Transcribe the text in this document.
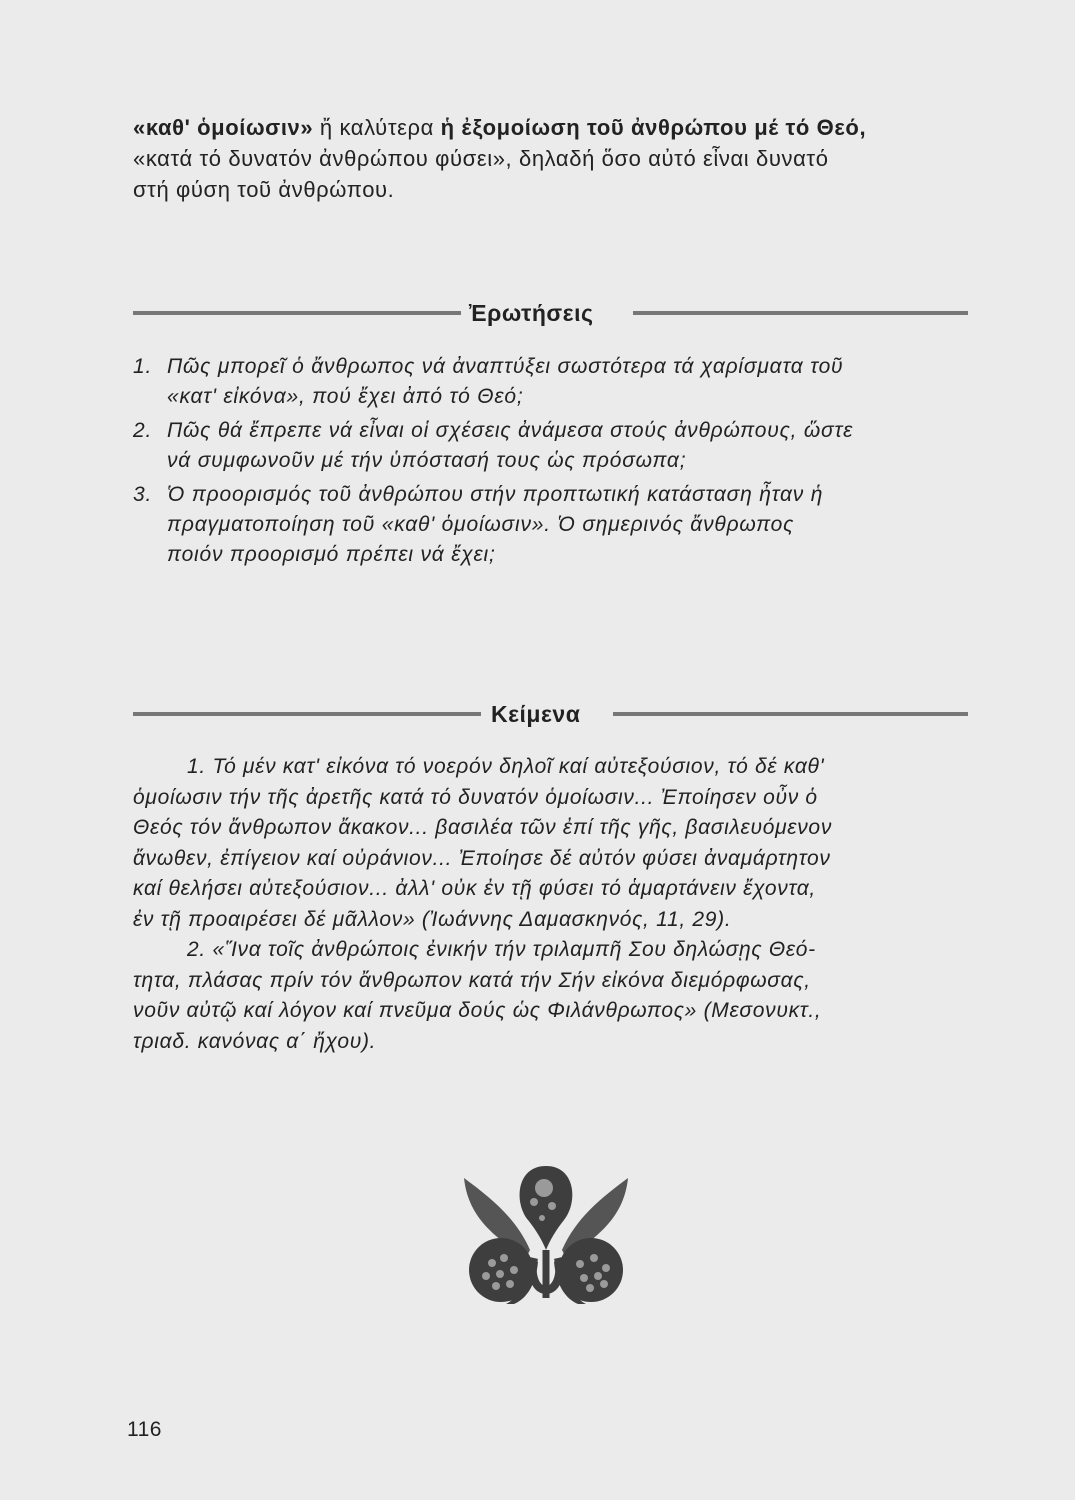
«καθ' ὁμοίωσιν» ἤ καλύτερα ἡ ἐξομοίωση τοῦ ἀνθρώπου μέ τό Θεό,

«κατά τό δυνατόν ἀνθρώπου φύσει», δηλαδή ὅσο αὐτό εἶναι δυνατό

στή φύση τοῦ ἀνθρώπου.

Ἐρωτήσεις
1. Πῶς μπορεῖ ὁ ἄνθρωπος νά ἀναπτύξει σωστότερα τά χαρίσματα τοῦ
«κατ' εἰκόνα», πού ἔχει ἀπό τό Θεό;
2. Πῶς θά ἔπρεπε νά εἶναι οἱ σχέσεις ἀνάμεσα στούς ἀνθρώπους, ὥστε
νά συμφωνοῦν μέ τήν ὑπόστασή τους ὡς πρόσωπα;
3. Ὁ προορισμός τοῦ ἀνθρώπου στήν προπτωτική κατάσταση ἦταν ἡ
πραγματοποίηση τοῦ «καθ' ὁμοίωσιν». Ὁ σημερινός ἄνθρωπος
ποιόν προορισμό πρέπει νά ἔχει;
Κείμενα
1. Τό μέν κατ' εἰκόνα τό νοερόν δηλοῖ καί αὐτεξούσιον, τό δέ καθ'
ὁμοίωσιν τήν τῆς ἀρετῆς κατά τό δυνατόν ὁμοίωσιν... Ἐποίησεν οὖν ὁ
Θεός τόν ἄνθρωπον ἄκακον... βασιλέα τῶν ἐπί τῆς γῆς, βασιλευόμενον
ἄνωθεν, ἐπίγειον καί οὐράνιον... Ἐποίησε δέ αὐτόν φύσει ἀναμάρτητον
καί θελήσει αὐτεξούσιον... ἀλλ' οὐκ ἐν τῇ φύσει τό ἁμαρτάνειν ἔχοντα,
ἐν τῇ προαιρέσει δέ μᾶλλον» (Ἰωάννης Δαμασκηνός, 11, 29).
2. «Ἵνα τοῖς ἀνθρώποις ἐνικήν τήν τριλαμπῆ Σου δηλώσῃς Θεό-
τητα, πλάσας πρίν τόν ἄνθρωπον κατά τήν Σήν εἰκόνα διεμόρφωσας,
νοῦν αὐτῷ καί λόγον καί πνεῦμα δούς ὡς Φιλάνθρωπος» (Μεσονυκτ.,
τριαδ. κανόνας α΄ ἤχου).
116
